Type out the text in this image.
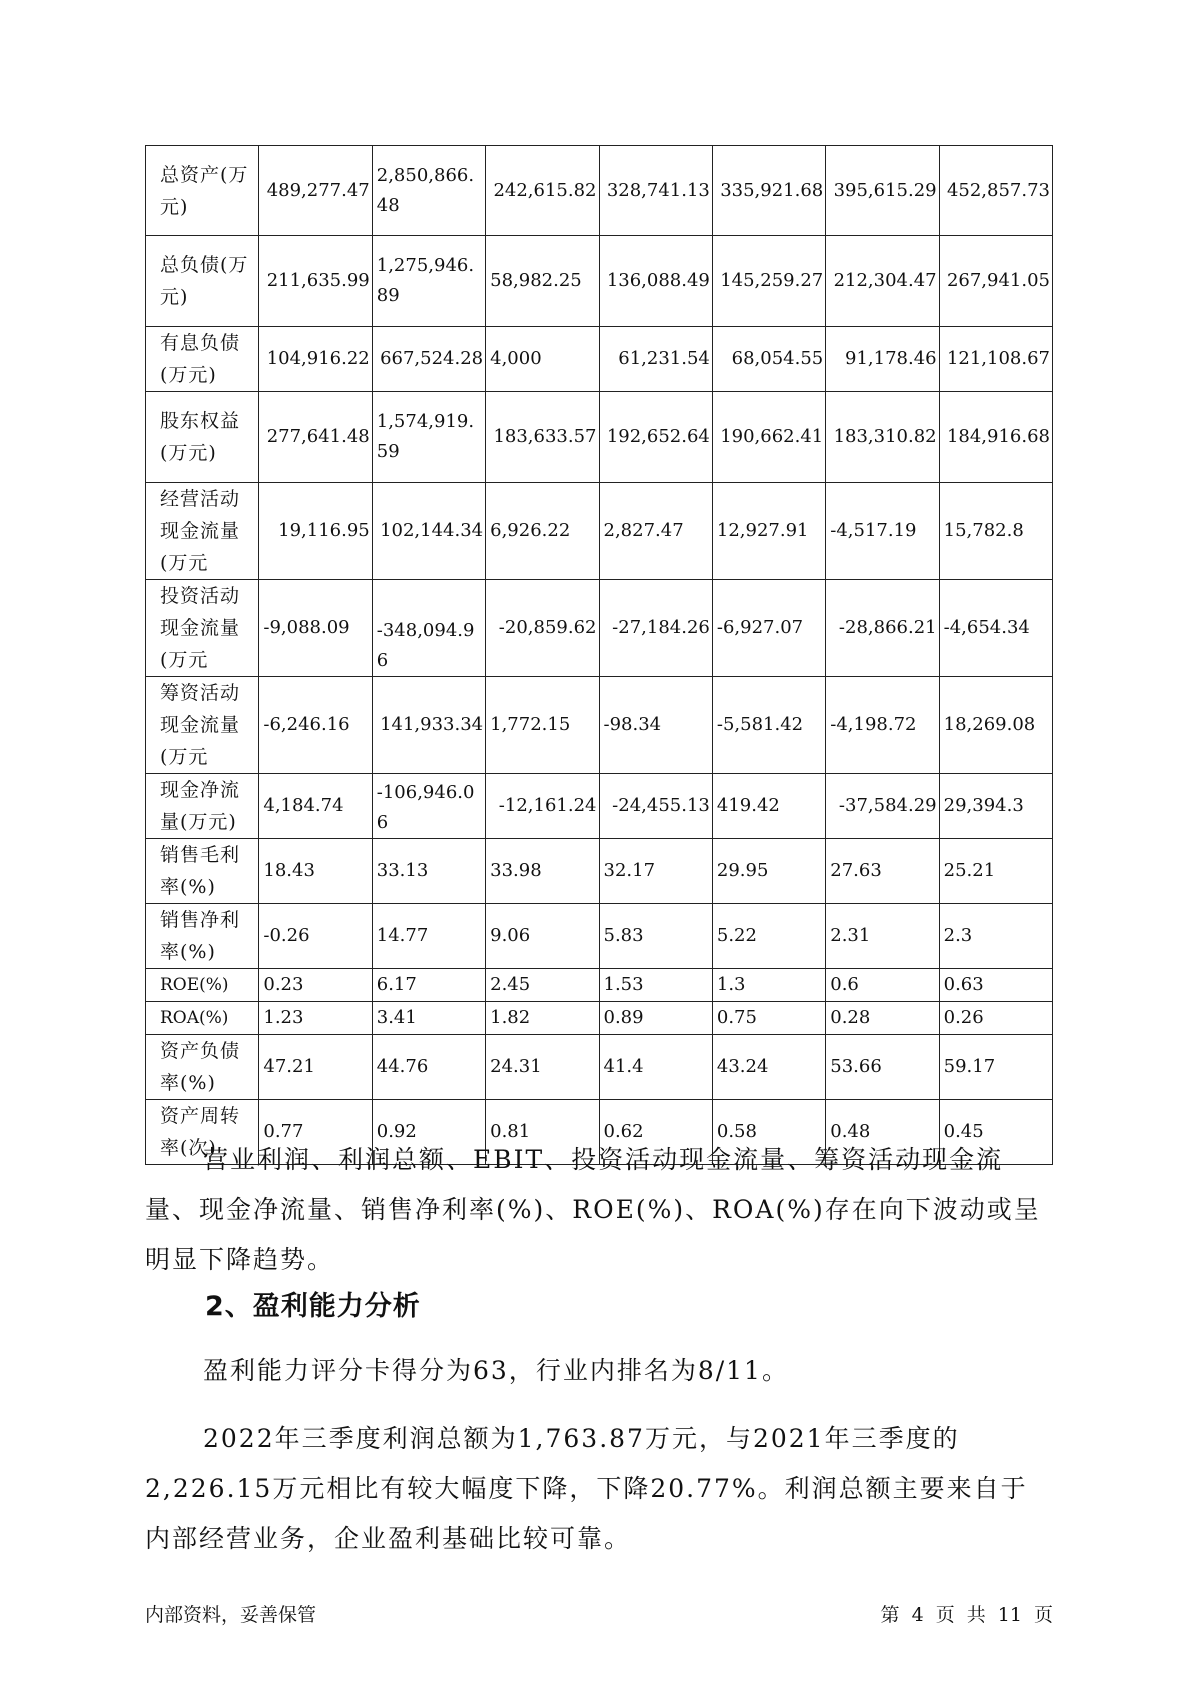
总资产(万元)	489,277.47	2,850,866.48	242,615.82	328,741.13	335,921.68	395,615.29	452,857.73
总负债(万元)	211,635.99	1,275,946.89	58,982.25	136,088.49	145,259.27	212,304.47	267,941.05
有息负债(万元)	104,916.22	667,524.28	4,000	61,231.54	68,054.55	91,178.46	121,108.67
股东权益(万元)	277,641.48	1,574,919.59	183,633.57	192,652.64	190,662.41	183,310.82	184,916.68
经营活动现金流量(万元	19,116.95	102,144.34	6,926.22	2,827.47	12,927.91	-4,517.19	15,782.8
投资活动现金流量(万元	-9,088.09	-348,094.96	-20,859.62	-27,184.26	-6,927.07	-28,866.21	-4,654.34
筹资活动现金流量(万元	-6,246.16	141,933.34	1,772.15	-98.34	-5,581.42	-4,198.72	18,269.08
现金净流量(万元)	4,184.74	-106,946.06	-12,161.24	-24,455.13	419.42	-37,584.29	29,394.3
销售毛利率(%)	18.43	33.13	33.98	32.17	29.95	27.63	25.21
销售净利率(%)	-0.26	14.77	9.06	5.83	5.22	2.31	2.3
ROE(%)	0.23	6.17	2.45	1.53	1.3	0.6	0.63
ROA(%)	1.23	3.41	1.82	0.89	0.75	0.28	0.26
资产负债率(%)	47.21	44.76	24.31	41.4	43.24	53.66	59.17
资产周转率(次)	0.77	0.92	0.81	0.62	0.58	0.48	0.45

营业利润、利润总额、EBIT、投资活动现金流量、筹资活动现金流量、现金净流量、销售净利率(%)、ROE(%)、ROA(%)存在向下波动或呈明显下降趋势。

2、盈利能力分析

盈利能力评分卡得分为63，行业内排名为8/11。

2022年三季度利润总额为1,763.87万元，与2021年三季度的2,226.15万元相比有较大幅度下降，下降20.77%。利润总额主要来自于内部经营业务，企业盈利基础比较可靠。

内部资料，妥善保管	第 4 页 共 11 页
